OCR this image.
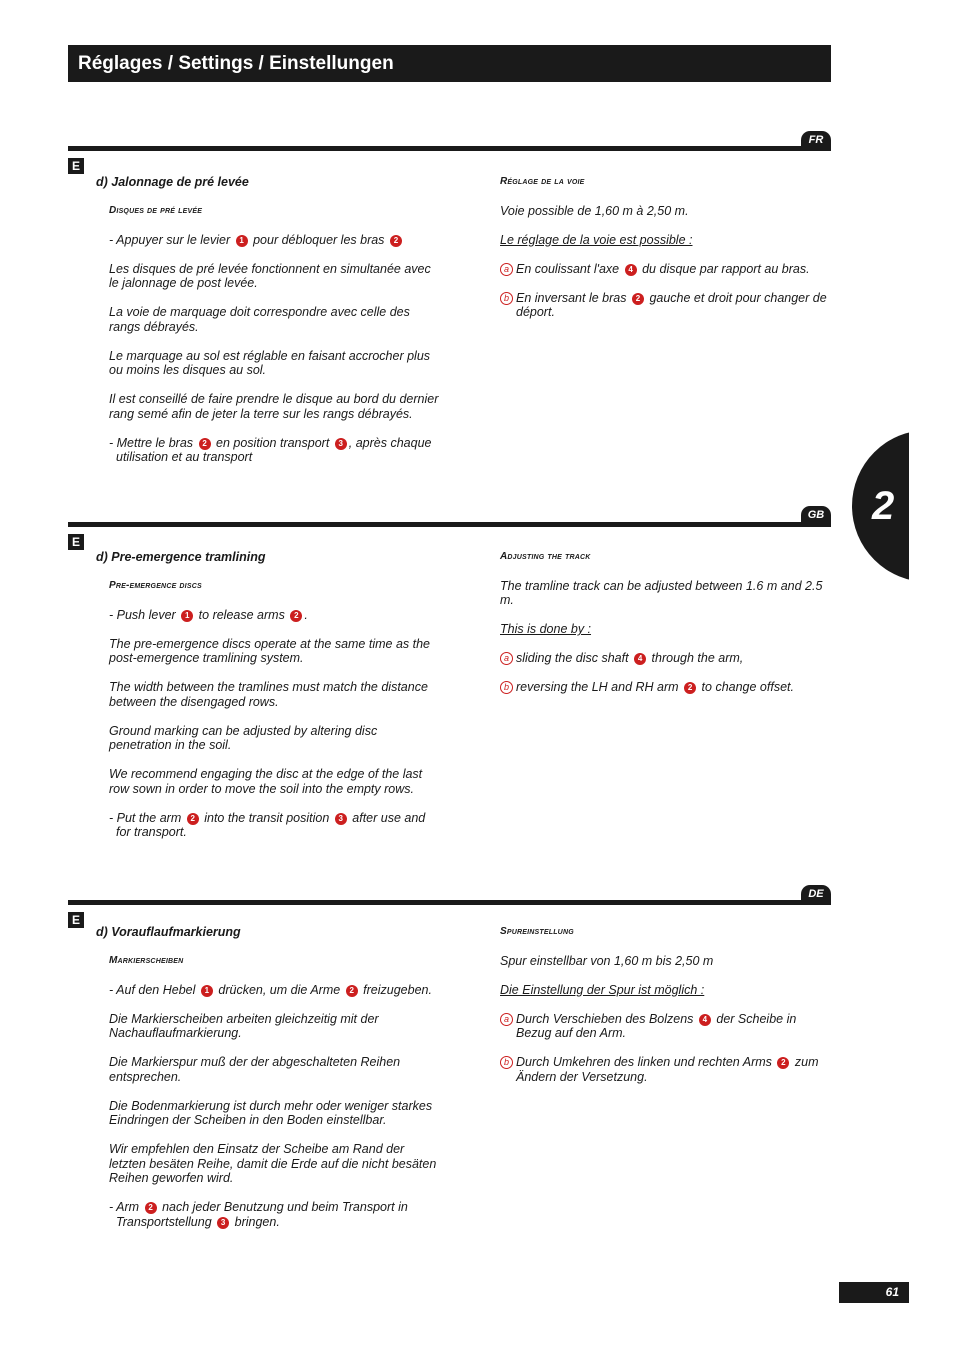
Réglages / Settings / Einstellungen
2
FR
E

d) Jalonnage de pré levée

Disques de pré levée

- Appuyer sur le levier 1 pour débloquer les bras 2

Les disques de pré levée fonctionnent en simultanée avec le jalonnage de post levée.

La voie de marquage doit correspondre avec celle des rangs débrayés.

Le marquage au sol est réglable en faisant accrocher plus ou moins les disques au sol.

Il est conseillé de faire prendre le disque au bord du dernier rang semé afin de jeter la terre sur les rangs débrayés.

- Mettre le bras 2 en position transport 3 , après chaque utilisation et au transport

Réglage de la voie

Voie possible de 1,60 m à 2,50 m.

Le réglage de la voie est possible :

a En coulissant l'axe 4 du disque par rapport au bras.

b En inversant le bras 2 gauche et droit pour changer de déport.

GB
E

d) Pre-emergence tramlining

Pre-emergence discs

- Push lever 1 to release arms 2 .

The pre-emergence discs operate at the same time as the post-emergence tramlining system.

The width between the tramlines must match the distance between the disengaged rows.

Ground marking can be adjusted by altering disc penetration in the soil.

We recommend engaging the disc at the edge of the last row sown in order to move the soil into the empty rows.

- Put the arm 2 into the transit position 3 after use and for transport.

Adjusting the track

The tramline track can be adjusted between 1.6 m and 2.5 m.

This is done by :

a sliding the disc shaft 4 through the arm,

b reversing the LH and RH arm 2 to change offset.

DE
E

d) Vorauflaufmarkierung

Markierscheiben

- Auf den Hebel 1 drücken, um die Arme 2 freizugeben.

Die Markierscheiben arbeiten gleichzeitig mit der Nachauflaufmarkierung.

Die Markierspur muß der der abgeschalteten Reihen entsprechen.

Die Bodenmarkierung ist durch mehr oder weniger starkes Eindringen der Scheiben in den Boden einstellbar.

Wir empfehlen den Einsatz der Scheibe am Rand der letzten besäten Reihe, damit die Erde auf die nicht besäten Reihen geworfen wird.

- Arm 2 nach jeder Benutzung und beim Transport in Transportstellung 3 bringen.

Spureinstellung

Spur einstellbar von 1,60 m bis 2,50 m

Die Einstellung der Spur ist möglich :

a Durch Verschieben des Bolzens 4 der Scheibe in Bezug auf den Arm.

b Durch Umkehren des linken und rechten Arms 2 zum Ändern der Versetzung.

61
